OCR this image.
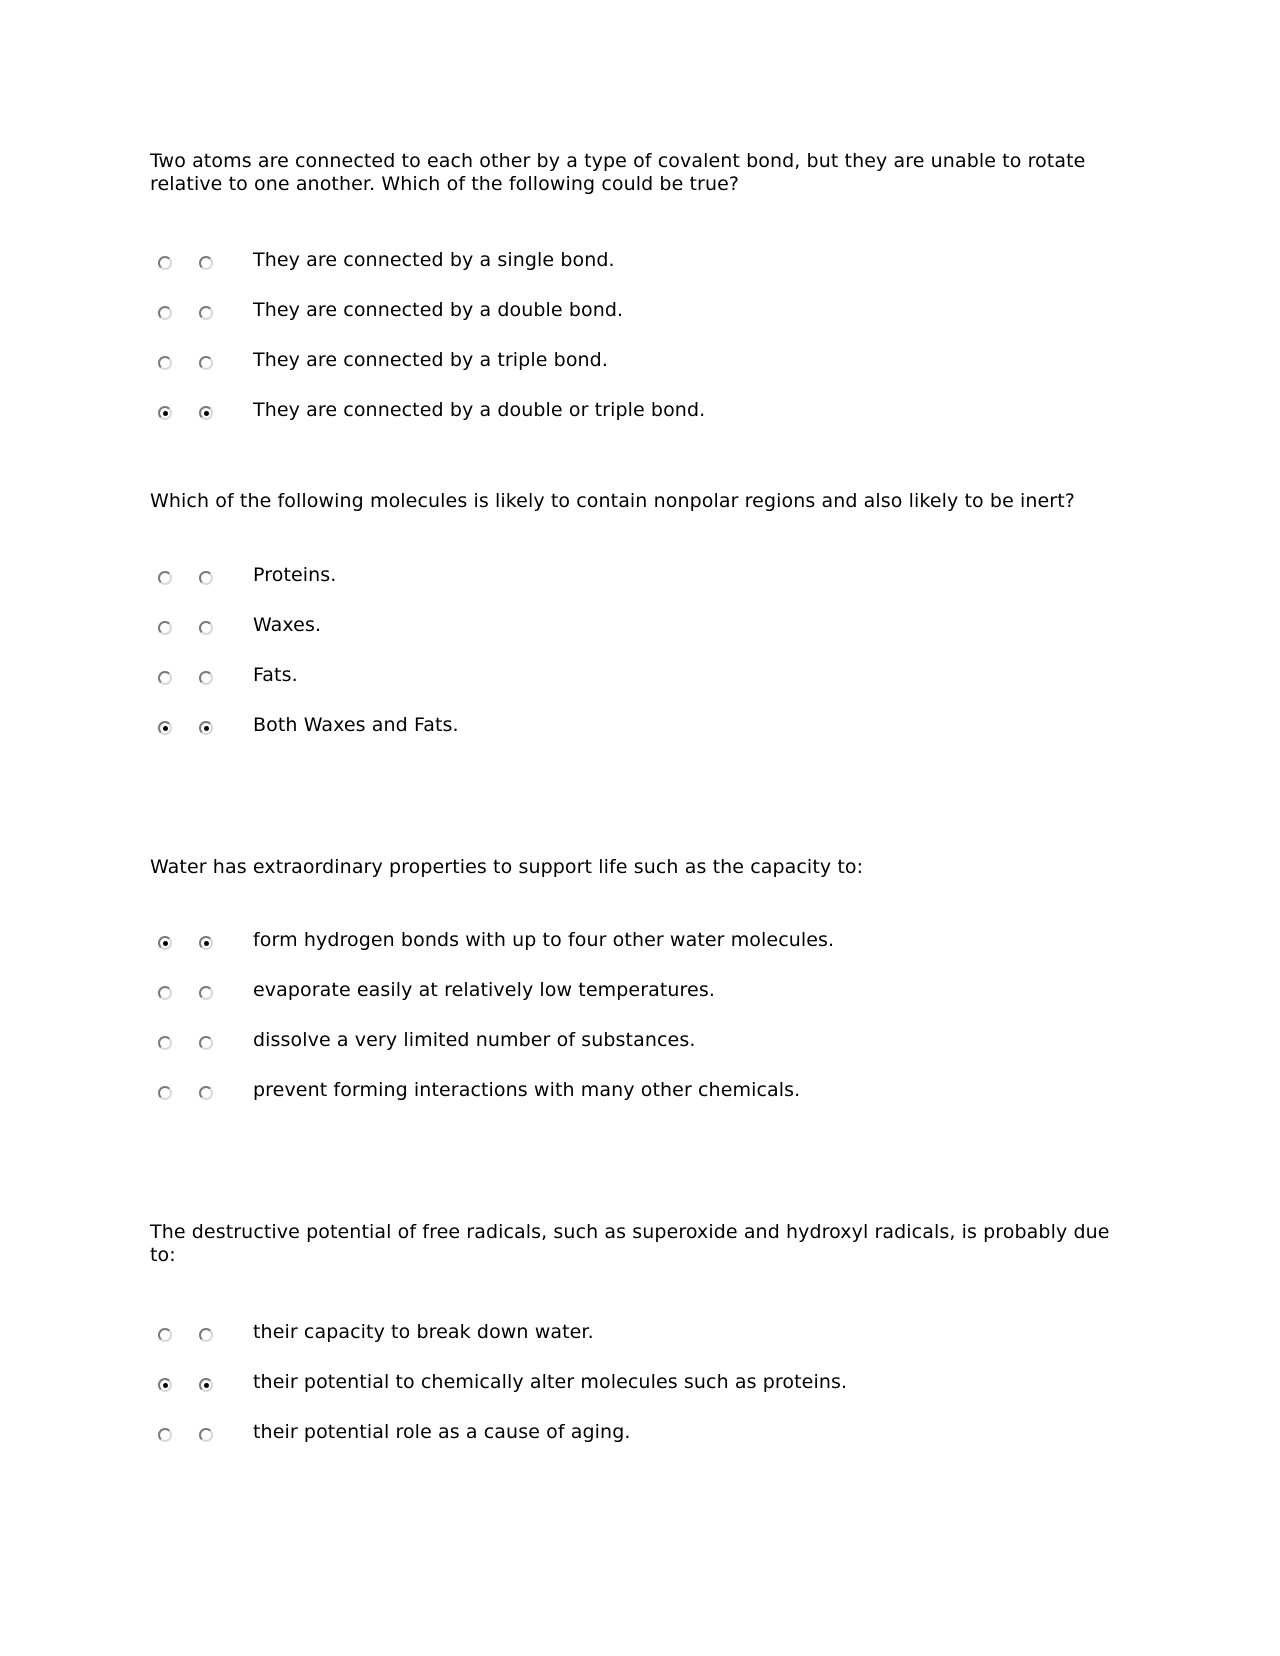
Two atoms are connected to each other by a type of covalent bond, but they are unable to rotate relative to one another. Which of the following could be true?

They are connected by a single bond.
They are connected by a double bond.
They are connected by a triple bond.
They are connected by a double or triple bond.

Which of the following molecules is likely to contain nonpolar regions and also likely to be inert?

Proteins.
Waxes.
Fats.
Both Waxes and Fats.

Water has extraordinary properties to support life such as the capacity to:

form hydrogen bonds with up to four other water molecules.
evaporate easily at relatively low temperatures.
dissolve a very limited number of substances.
prevent forming interactions with many other chemicals.

The destructive potential of free radicals, such as superoxide and hydroxyl radicals, is probably due to:

their capacity to break down water.
their potential to chemically alter molecules such as proteins.
their potential role as a cause of aging.
